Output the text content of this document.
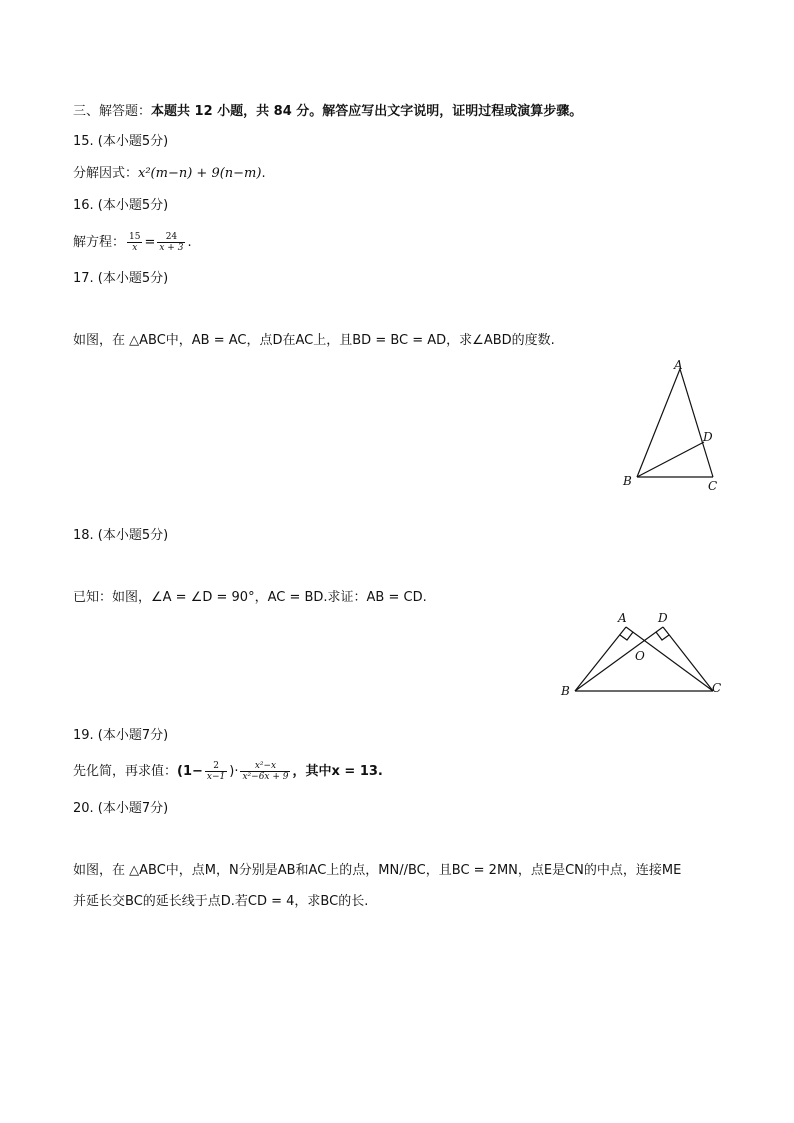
三、解答题：本题共 12 小题，共 84 分。解答应写出文字说明，证明过程或演算步骤。
15. (本小题5分)
分解因式：x²(m−n) + 9(n−m).
16. (本小题5分)
解方程： $\frac{15}{x} = \frac{24}{x + 3}$ .
17. (本小题5分)
如图，在 △ABC中，AB = AC，点D在AC上，且BD = BC = AD，求∠ABD的度数.
A
B	C
D
18. (本小题5分)
已知：如图，∠A = ∠D = 90°，AC = BD.求证：AB = CD.
A	D
B	C
O
19. (本小题7分)
先化简，再求值：($1- \frac{2}{x-1}$ )· $\frac{\text{x²−x}}{\text{x²−6x + 9}}$ ，其中x = 13.
20. (本小题7分)
如图，在 △ABC中，点M，N分别是AB和AC上的点，MN//BC，且BC = 2MN，点E是CN的中点，连接ME
并延长交BC的延长线于点D.若CD = 4，求BC的长.
